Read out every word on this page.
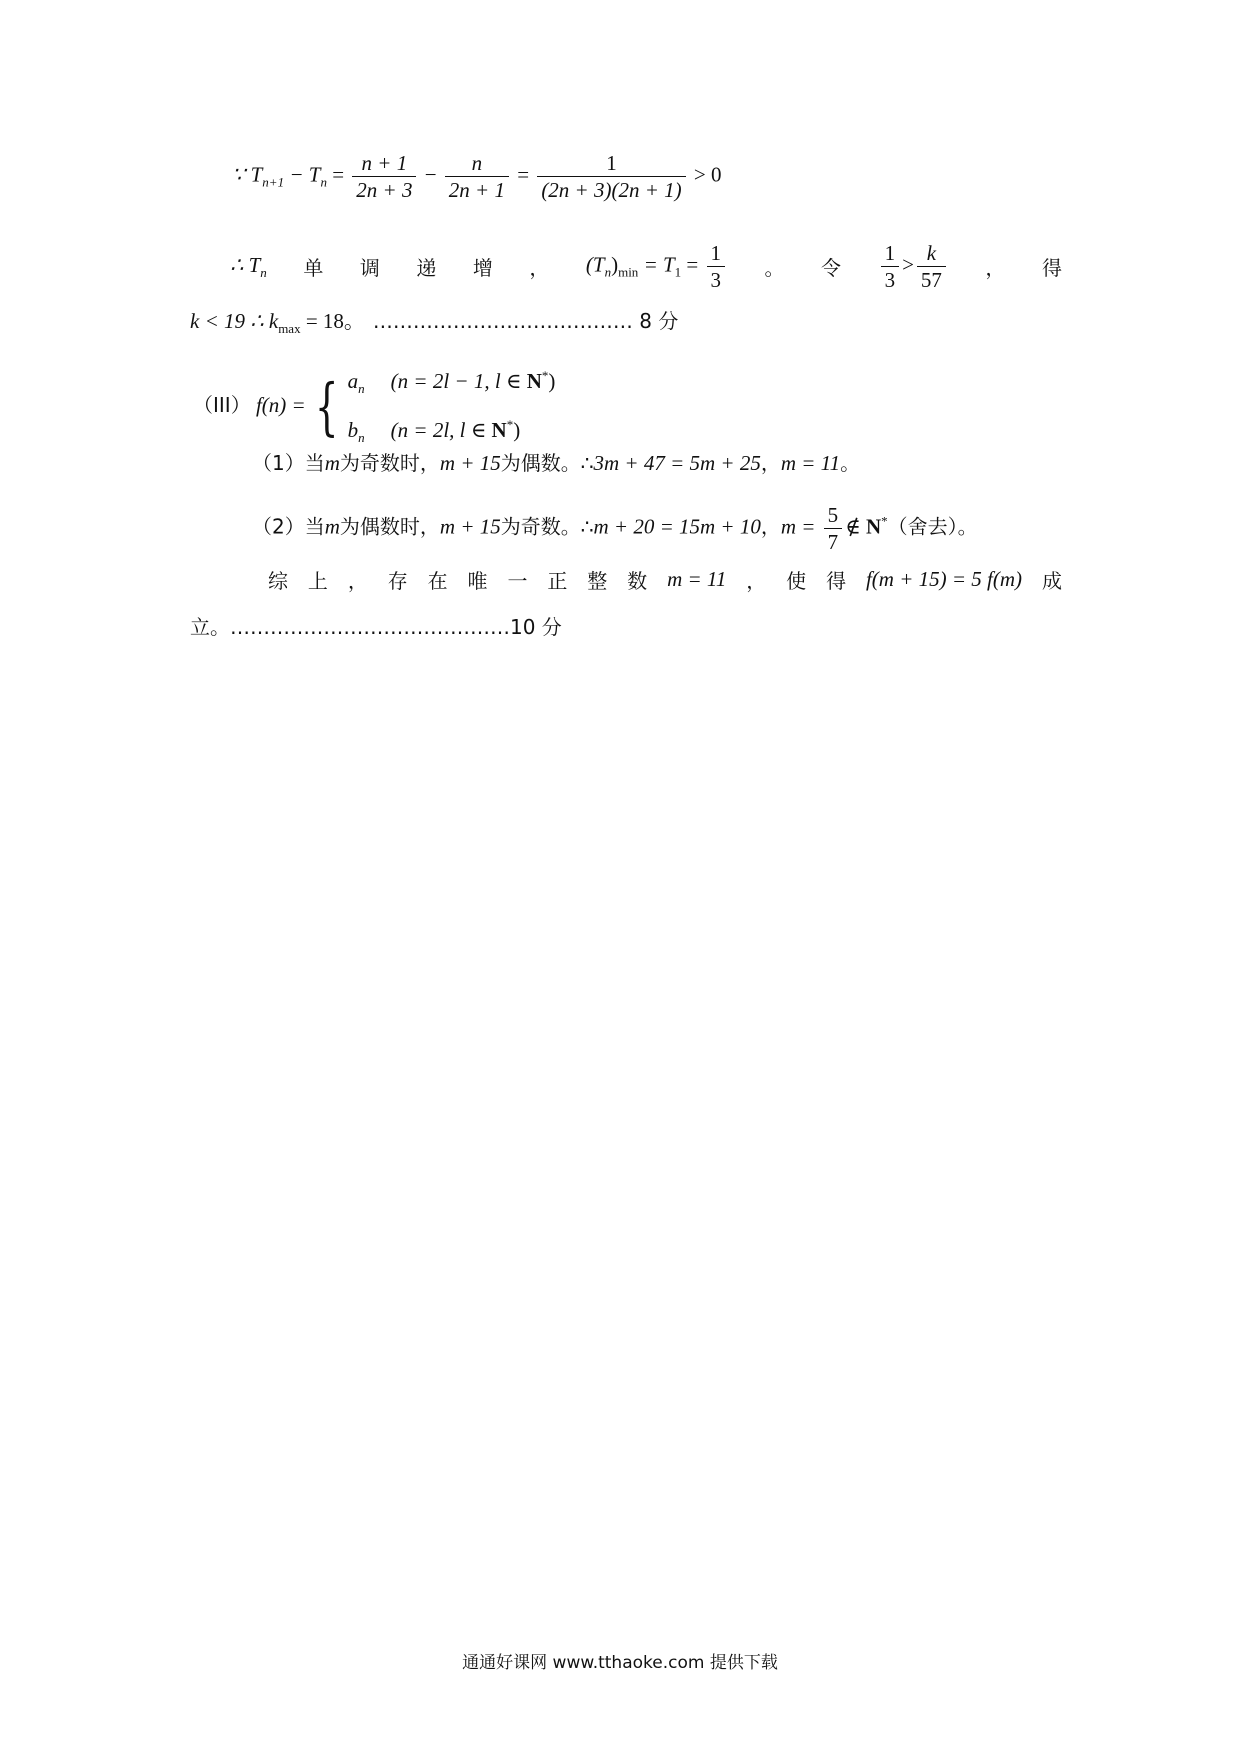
∵ $T_{n+1} - T_n = \frac{n + 1}{2n + 3} - \frac{n}{2n + 1} = \frac{1}{(2n + 3)(2n + 1)} > 0$
∴ $T_n$ 单 调 递 增 ， $(T_n)_{min} = T_1 = \frac{1}{3}$ 。 令 $\frac{1}{3} > \frac{k}{57}$ ， 得
k < 19 ∴ $k_{max} = 18$。 ………………………………… 8 分
（III） f(n) = { $a_n$ (n = 2l − 1, l ∈ N*)
$b_n$ (n = 2l, l ∈ N*)
（1）当m为奇数时，m + 15为偶数。∴3m + 47 = 5m + 25，m = 11。
（2）当m为偶数时，m + 15为奇数。∴m + 20 = 15m + 10，$m = \frac{5}{7}$ ∉ N*（舍去）。
综 上 ， 存 在 唯 一 正 整 数 m = 11 ， 使 得 f(m + 15) = 5 f(m) 成
立。……………………………………10 分
通通好课网 www.tthaoke.com 提供下载
